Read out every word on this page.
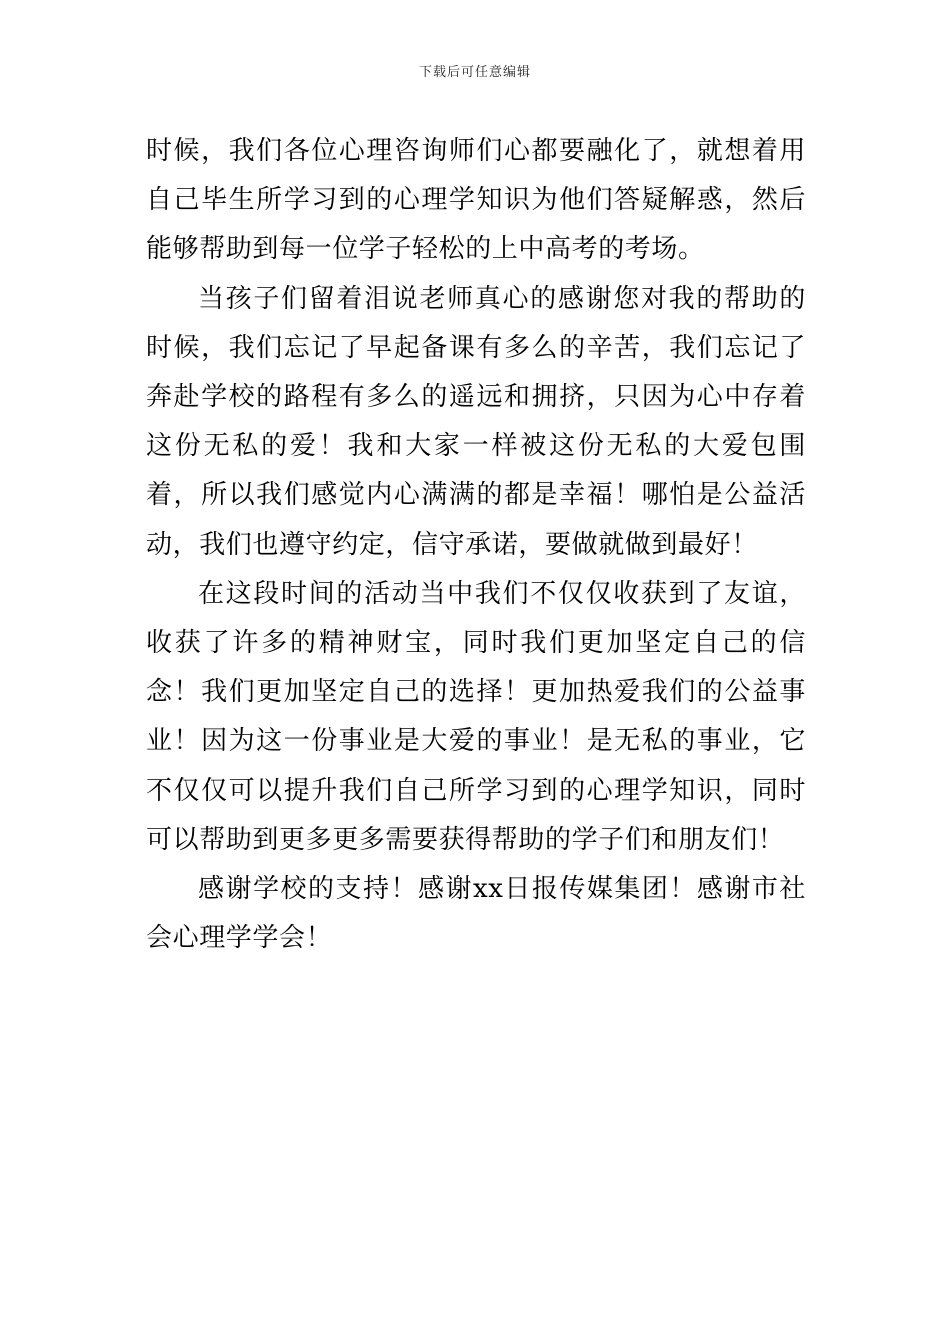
下载后可任意编辑

时候，我们各位心理咨询师们心都要融化了，就想着用自己毕生所学习到的心理学知识为他们答疑解惑，然后能够帮助到每一位学子轻松的上中高考的考场。

当孩子们留着泪说老师真心的感谢您对我的帮助的时候，我们忘记了早起备课有多么的辛苦，我们忘记了奔赴学校的路程有多么的遥远和拥挤，只因为心中存着这份无私的爱！我和大家一样被这份无私的大爱包围着，所以我们感觉内心满满的都是幸福！哪怕是公益活动，我们也遵守约定，信守承诺，要做就做到最好！

在这段时间的活动当中我们不仅仅收获到了友谊，收获了许多的精神财宝，同时我们更加坚定自己的信念！我们更加坚定自己的选择！更加热爱我们的公益事业！因为这一份事业是大爱的事业！是无私的事业，它不仅仅可以提升我们自己所学习到的心理学知识，同时可以帮助到更多更多需要获得帮助的学子们和朋友们！

感谢学校的支持！感谢xx日报传媒集团！感谢市社会心理学学会！
